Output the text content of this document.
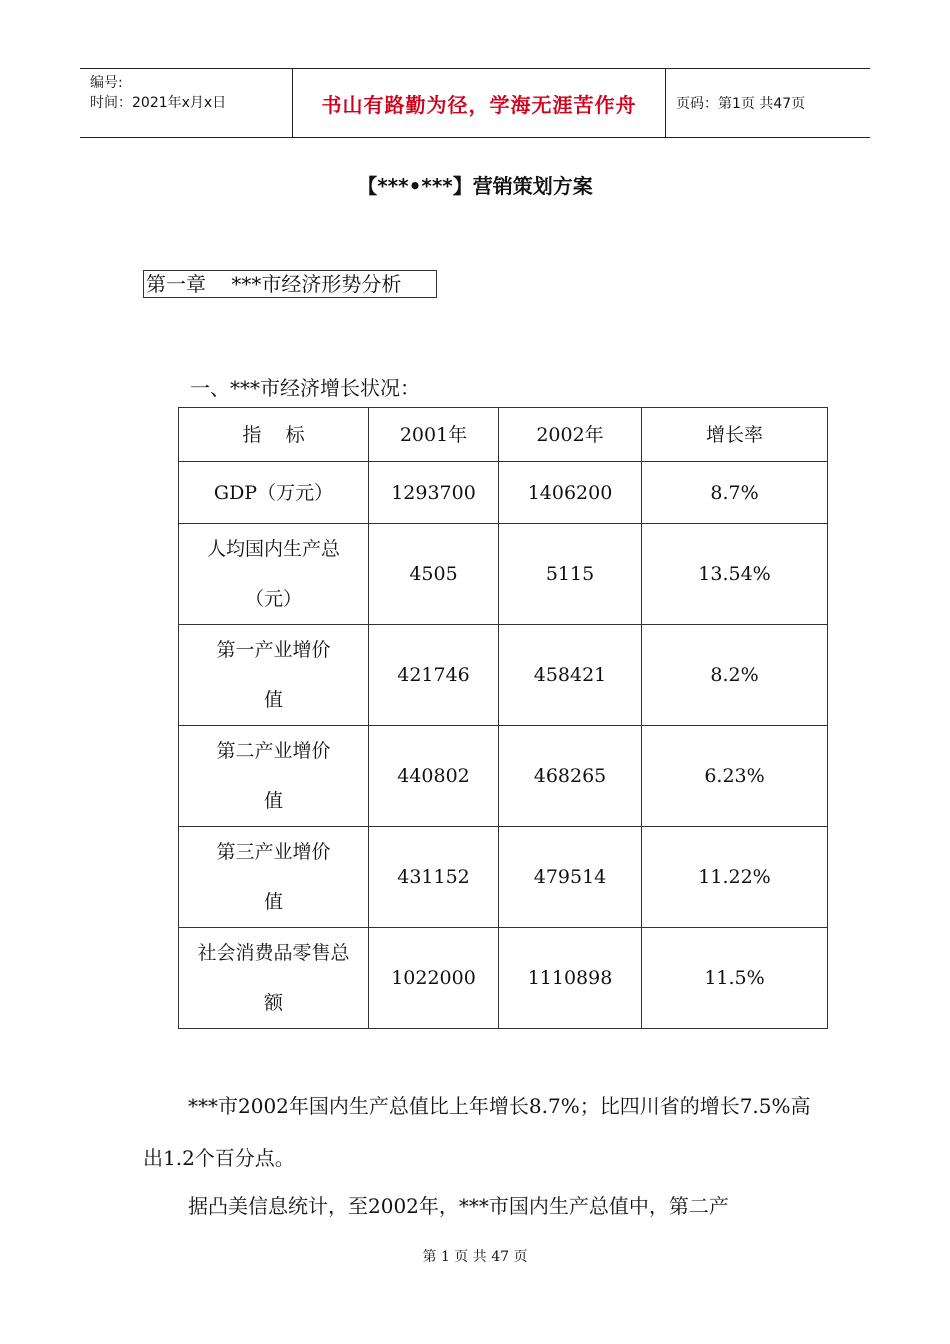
编号:
时间：2021年x月x日	书山有路勤为径，学海无涯苦作舟	页码：第1页 共47页
【***•***】营销策划方案
第一章    ***市经济形势分析
一、***市经济增长状况：
指    标	2001年	2002年	增长率
GDP（万元）	1293700	1406200	8.7%
人均国内生产总（元）	4505	5115	13.54%
第一产业增价值	421746	458421	8.2%
第二产业增价值	440802	468265	6.23%
第三产业增价值	431152	479514	11.22%
社会消费品零售总额	1022000	1110898	11.5%
***市2002年国内生产总值比上年增长8.7%；比四川省的增长7.5%高出1.2个百分点。
据凸美信息统计，至2002年，***市国内生产总值中，第二产
第 1 页 共 47 页
